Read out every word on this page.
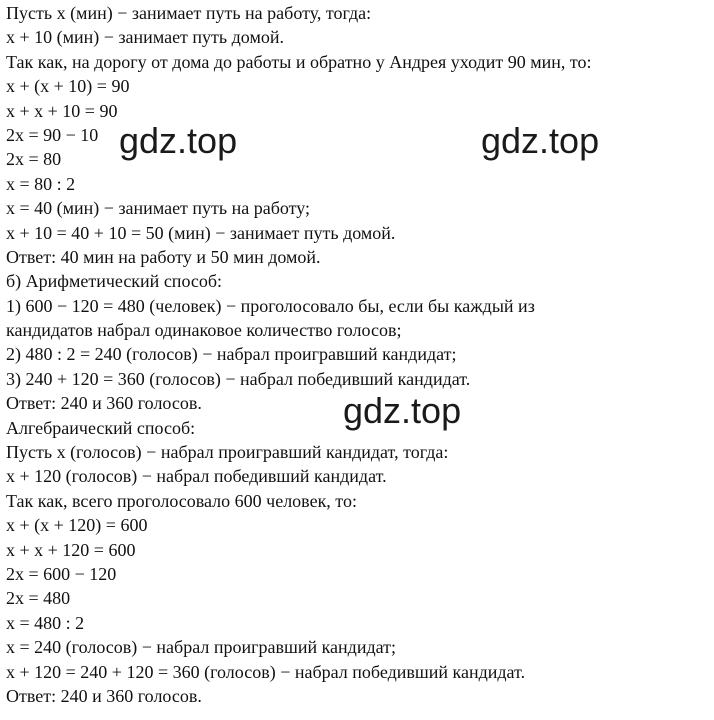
Пусть x (мин) − занимает путь на работу, тогда:

x + 10 (мин) − занимает путь домой.

Так как, на дорогу от дома до работы и обратно у Андрея уходит 90 мин, то:

x + (x + 10) = 90

x + x + 10 = 90

2x = 90 − 10

2x = 80

x = 80 : 2

x = 40 (мин) − занимает путь на работу;

x + 10 = 40 + 10 = 50 (мин) − занимает путь домой.

Ответ: 40 мин на работу и 50 мин домой.

б) Арифметический способ:

1) 600 − 120 = 480 (человек) − проголосовало бы, если бы каждый из

кандидатов набрал одинаковое количество голосов;

2) 480 : 2 = 240 (голосов) − набрал проигравший кандидат;

3) 240 + 120 = 360 (голосов) − набрал победивший кандидат.

Ответ: 240 и 360 голосов.

Алгебраический способ:

Пусть x (голосов) − набрал проигравший кандидат, тогда:

x + 120 (голосов) − набрал победивший кандидат.

Так как, всего проголосовало 600 человек, то:

x + (x + 120) = 600

x + x + 120 = 600

2x = 600 − 120

2x = 480

x = 480 : 2

x = 240 (голосов) − набрал проигравший кандидат;

x + 120 = 240 + 120 = 360 (голосов) − набрал победивший кандидат.

Ответ: 240 и 360 голосов.

gdz.top	gdz.top
gdz.top
